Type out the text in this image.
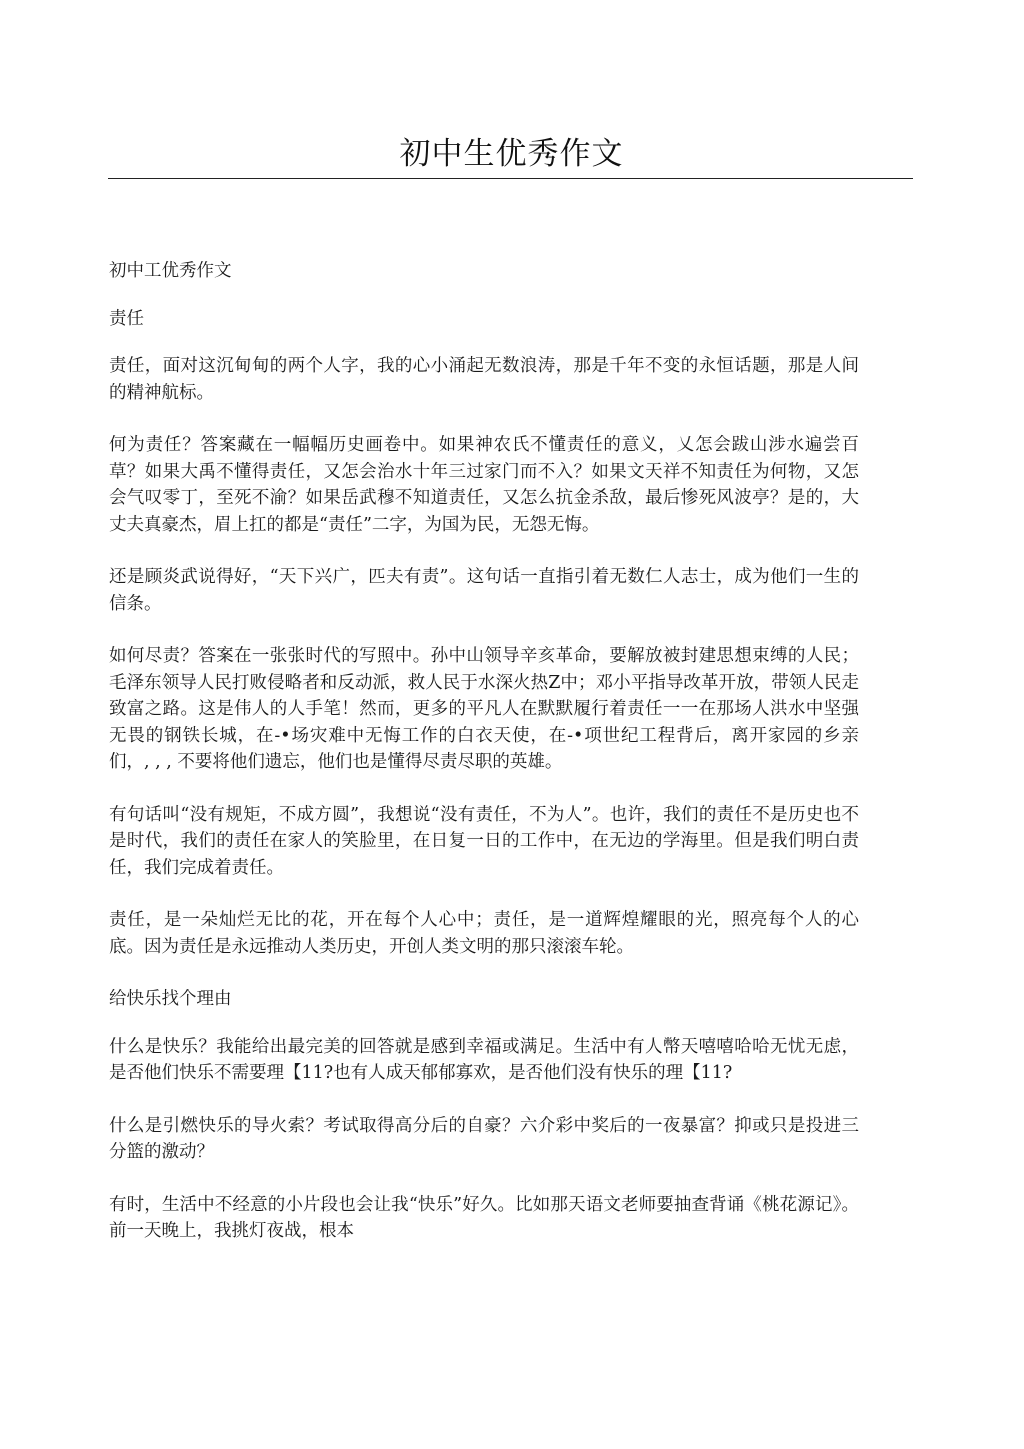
初中生优秀作文

初中工优秀作文

责任

责任，面对这沉甸甸的两个人字，我的心小涌起无数浪涛，那是千年不变的永恒话题，那是人间的精神航标。

何为责任？答案藏在一幅幅历史画卷中。如果神农氏不懂责任的意义，乂怎会跋山涉水遍尝百草？如果大禹不懂得责任，又怎会治水十年三过家门而不入？如果文天祥不知责任为何物，又怎会气叹零丁，至死不渝？如果岳武穆不知道责任，又怎么抗金杀敌，最后惨死风波亭？是的，大丈夫真豪杰，眉上扛的都是“责任”二字，为国为民，无怨无悔。

还是顾炎武说得好，“天下兴广，匹夫有责”。这句话一直指引着无数仁人志士，成为他们一生的信条。

如何尽责？答案在一张张时代的写照中。孙中山领导辛亥革命，要解放被封建思想束缚的人民；毛泽东领导人民打败侵略者和反动派，救人民于水深火热Z中；邓小平指导改革开放，带领人民走致富之路。这是伟人的人手笔！然而，更多的平凡人在默默履行着责任一一在那场人洪水中坚强无畏的钢铁长城，在-•场灾难中无悔工作的白衣天使，在-•项世纪工程背后，离开家园的乡亲们，, , , 不要将他们遗忘，他们也是懂得尽责尽职的英雄。

有句话叫“没有规矩，不成方圆”，我想说“没有责任，不为人”。也许，我们的责任不是历史也不是时代，我们的责任在家人的笑脸里，在日复一日的工作中，在无边的学海里。但是我们明白责任，我们完成着责任。

责任，是一朵灿烂无比的花，开在每个人心中；责任，是一道辉煌耀眼的光，照亮每个人的心底。因为责任是永远推动人类历史，开创人类文明的那只滚滚车轮。

给快乐找个理由

什么是快乐？我能给出最完美的回答就是感到幸福或满足。生活中有人幣天嘻嘻哈哈无忧无虑，是否他们快乐不需要理【11?也有人成天郁郁寡欢，是否他们没有快乐的理【11?

什么是引燃快乐的导火索？考试取得高分后的自豪？六介彩中奖后的一夜暴富？抑或只是投进三分篮的激动？

有时，生活中不经意的小片段也会让我“快乐”好久。比如那天语文老师要抽查背诵《桃花源记》。前一天晚上，我挑灯夜战，根本
